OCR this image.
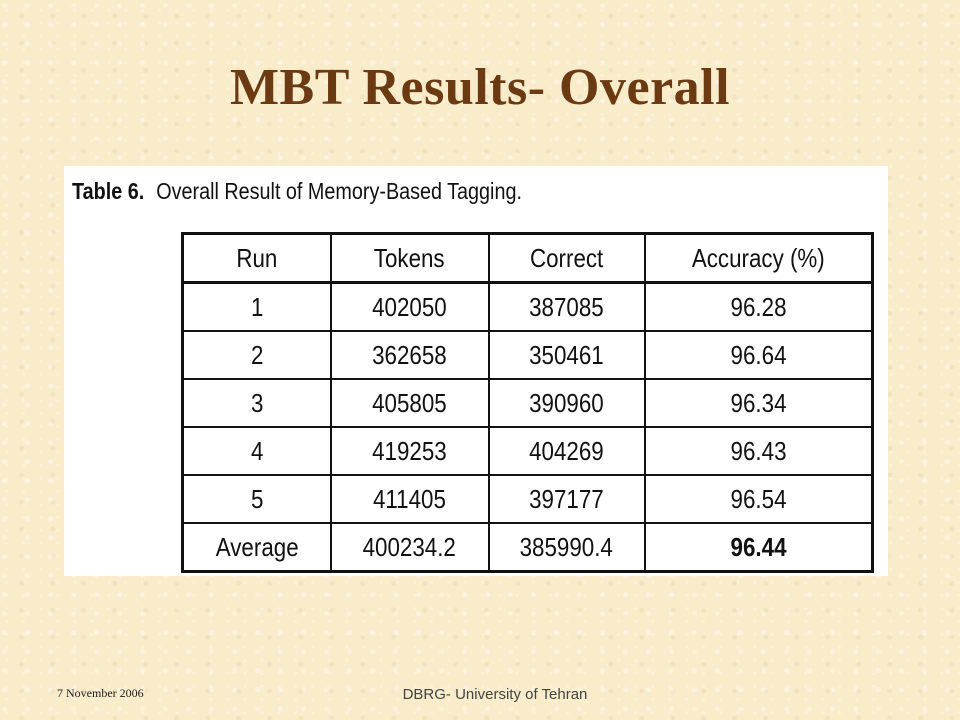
MBT Results- Overall
Table 6. Overall Result of Memory-Based Tagging.
Run	Tokens	Correct	Accuracy (%)
1	402050	387085	96.28
2	362658	350461	96.64
3	405805	390960	96.34
4	419253	404269	96.43
5	411405	397177	96.54
Average	400234.2	385990.4	96.44
7 November 2006	DBRG- University of Tehran
